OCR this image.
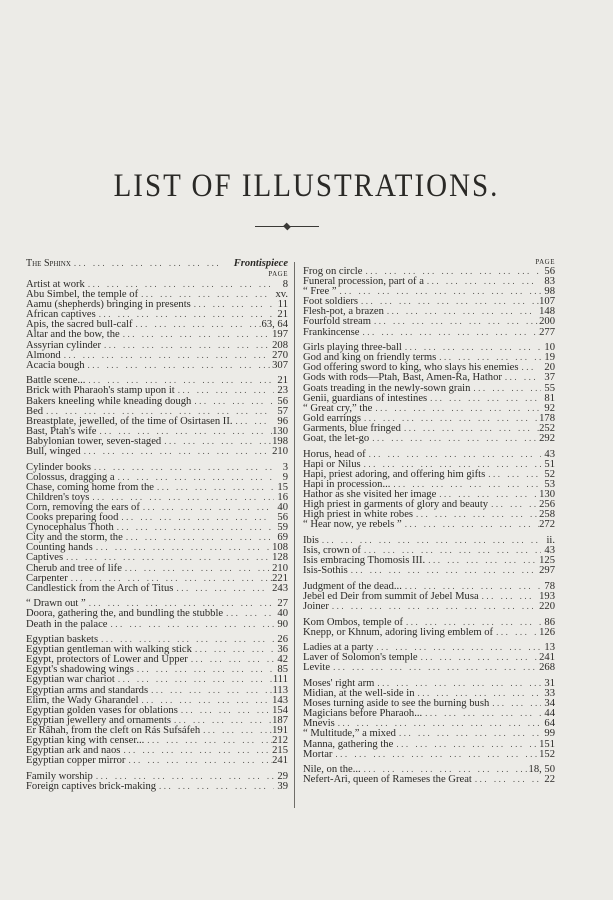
LIST OF ILLUSTRATIONS.
The Sphinx ... .	Frontispiece
PAGE
Artist at work ... .	8
Abu Simbel, the temple of ... .	xv.
Aamu (shepherds) bringing in presents ... .	11
African captives ... .	21
Apis, the sacred bull-calf ... .	63, 64
Altar and the bow, the ... .	197
Assyrian cylinder ... .	208
Almond ... .	270
Acacia bough ... .	307
Battle scene... ... .	21
Brick with Pharaoh's stamp upon it ... .	23
Bakers kneeling while kneading dough ... .	56
Bed ... .	57
Breastplate, jewelled, of the time of Osirtasen II. ... .	96
Bast, Ptah's wife ... .	130
Babylonian tower, seven-staged ... .	198
Bull, winged ... .	210
Cylinder books ... .	3
Colossus, dragging a ... .	9
Chase, coming home from the ... .	15
Children's toys ... .	16
Corn, removing the ears of ... .	40
Cooks preparing food ... .	56
Cynocephalus Thoth ... .	59
City and the storm, the ... .	69
Counting hands ... .	108
Captives ... .	128
Cherub and tree of life ... .	210
Carpenter ... .	221
Candlestick from the Arch of Titus ... .	243
“ Drawn out ” ... .	27
Doora, gathering the, and bundling the stubble ... .	40
Death in the palace ... .	90
Egyptian baskets ... .	26
Egyptian gentleman with walking stick ... .	36
Egypt, protectors of Lower and Upper ... .	42
Egypt's shadowing wings ... .	85
Egyptian war chariot ... .	111
Egyptian arms and standards ... .	113
Elim, the Wady Gharandel ... .	143
Egyptian golden vases for oblations ... .	154
Egyptian jewellery and ornaments ... .	187
Er Râhah, from the cleft on Rás Sufsáfeh ... .	191
Egyptian king with censer... ... .	212
Egyptian ark and naos ... .	215
Egyptian copper mirror ... .	241
Family worship ... .	29
Foreign captives brick-making ... .	39
PAGE
Frog on circle ... .	56
Funeral procession, part of a ... .	83
“ Free ” ... .	98
Foot soldiers ... .	107
Flesh-pot, a brazen ... .	148
Fourfold stream ... .	200
Frankincense ... .	277
Girls playing three-ball ... .	10
God and king on friendly terms ... .	19
God offering sword to king, who slays his enemies ... .	20
Gods with rods—Ptah, Bast, Amen-Ra, Hathor ... .	37
Goats treading in the newly-sown grain ... .	55
Genii, guardians of intestines ... .	81
“ Great cry,” the ... .	92
Gold earrings ... .	178
Garments, blue fringed ... .	252
Goat, the let-go ... .	292
Horus, head of ... .	43
Hapi or Nilus ... .	51
Hapi, priest adoring, and offering him gifts ... .	52
Hapi in procession... ... .	53
Hathor as she visited her image ... .	130
High priest in garments of glory and beauty ... .	256
High priest in white robes ... .	258
“ Hear now, ye rebels ” ... .	272
Ibis ... .	ii.
Isis, crown of ... .	43
Isis embracing Thomosis III. ... .	125
Isis-Sothis ... .	297
Judgment of the dead... ... .	78
Jebel ed Deir from summit of Jebel Musa ... .	193
Joiner ... .	220
Kom Ombos, temple of ... .	86
Knepp, or Khnum, adoring living emblem of ... .	126
Ladies at a party ... .	13
Laver of Solomon's temple ... .	241
Levite ... .	268
Moses' right arm ... .	31
Midian, at the well-side in ... .	33
Moses turning aside to see the burning bush ... .	34
Magicians before Pharaoh... ... .	44
Mnevis ... .	64
“ Multitude,” a mixed ... .	99
Manna, gathering the ... .	151
Mortar ... .	152
Nile, on the... ... .	18, 50
Nefert-Ari, queen of Rameses the Great ... .	22
